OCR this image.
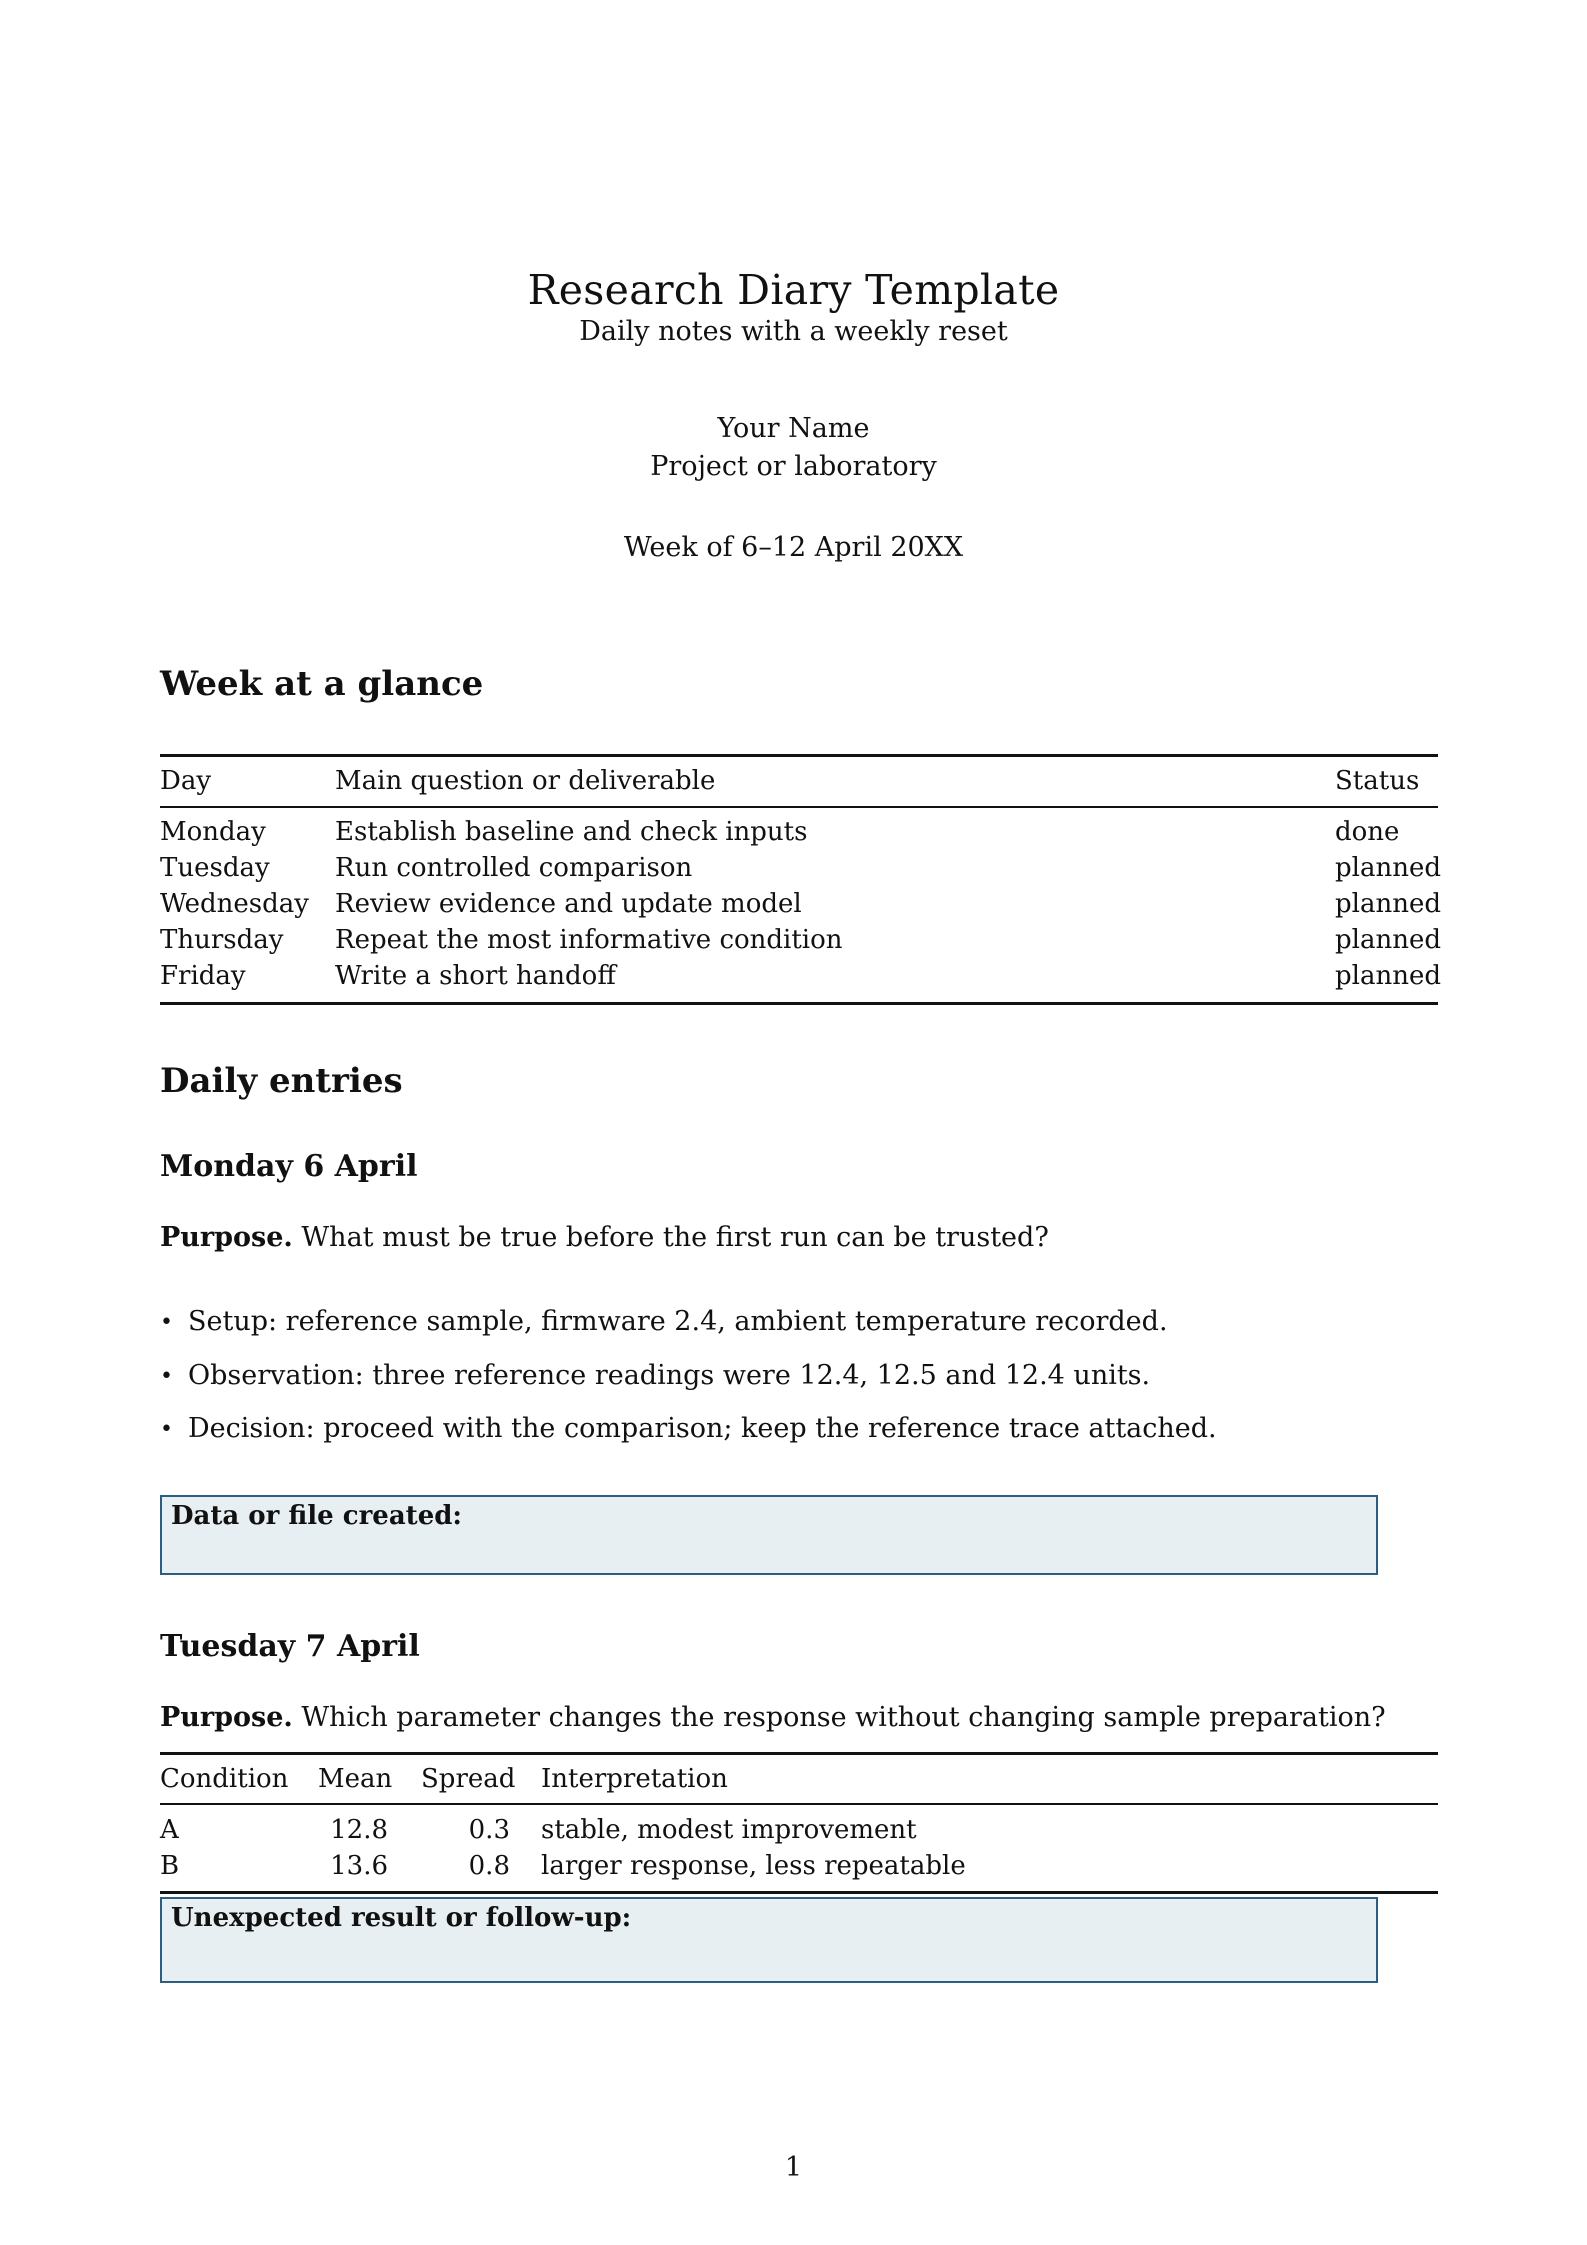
Research Diary Template
Daily notes with a weekly reset
Your Name
Project or laboratory
Week of 6–12 April 20XX
Week at a glance
Day	Main question or deliverable	Status
Monday	Establish baseline and check inputs	done
Tuesday	Run controlled comparison	planned
Wednesday Review evidence and update model	planned
Thursday Repeat the most informative condition	planned
Friday	Write a short handoff	planned
Daily entries
Monday 6 April
Purpose. What must be true before the first run can be trusted?
• Setup: reference sample, firmware 2.4, ambient temperature recorded.
• Observation: three reference readings were 12.4, 12.5 and 12.4 units.
• Decision: proceed with the comparison; keep the reference trace attached.
Data or file created:
Tuesday 7 April
Purpose. Which parameter changes the response without changing sample preparation?
Condition Mean Spread Interpretation
A	12.8	0.3 stable, modest improvement
B	13.6	0.8 larger response, less repeatable
Unexpected result or follow-up:
1
